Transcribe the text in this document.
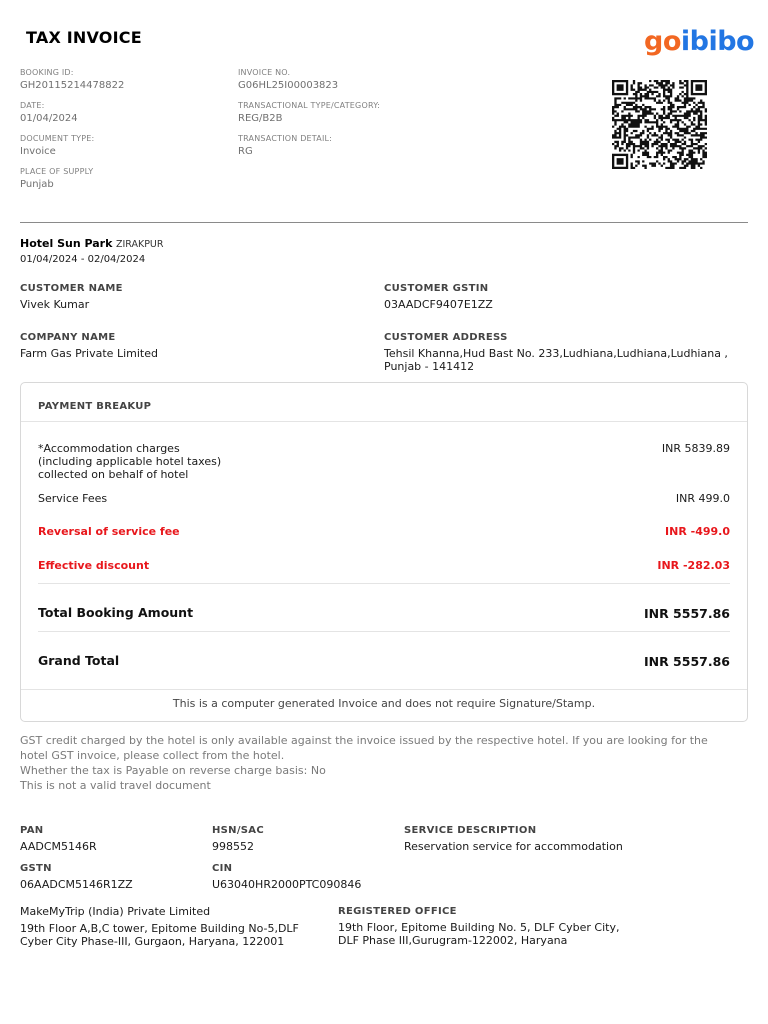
TAX INVOICE	goibibo
BOOKING ID:
GH20115214478822
DATE:
01/04/2024
DOCUMENT TYPE:
Invoice
PLACE OF SUPPLY
Punjab
INVOICE NO.
G06HL25I00003823
TRANSACTIONAL TYPE/CATEGORY:
REG/B2B
TRANSACTION DETAIL:
RG
Hotel Sun Park ZIRAKPUR
01/04/2024 - 02/04/2024
CUSTOMER NAME
Vivek Kumar
CUSTOMER GSTIN
03AADCF9407E1ZZ
COMPANY NAME
Farm Gas Private Limited
CUSTOMER ADDRESS
Tehsil Khanna,Hud Bast No. 233,Ludhiana,Ludhiana,Ludhiana ,
Punjab - 141412
PAYMENT BREAKUP
*Accommodation charges
(including applicable hotel taxes)
collected on behalf of hotel
INR 5839.89
Service Fees	INR 499.0
Reversal of service fee	INR -499.0
Effective discount	INR -282.03
Total Booking Amount	INR 5557.86
Grand Total	INR 5557.86
This is a computer generated Invoice and does not require Signature/Stamp.
GST credit charged by the hotel is only available against the invoice issued by the respective hotel. If you are looking for the
hotel GST invoice, please collect from the hotel.
Whether the tax is Payable on reverse charge basis: No
This is not a valid travel document
PAN
AADCM5146R
HSN/SAC
998552
SERVICE DESCRIPTION
Reservation service for accommodation
GSTN
06AADCM5146R1ZZ
CIN
U63040HR2000PTC090846
MakeMyTrip (India) Private Limited
19th Floor A,B,C tower, Epitome Building No-5,DLF
Cyber City Phase-III, Gurgaon, Haryana, 122001
REGISTERED OFFICE
19th Floor, Epitome Building No. 5, DLF Cyber City,
DLF Phase III,Gurugram-122002, Haryana
